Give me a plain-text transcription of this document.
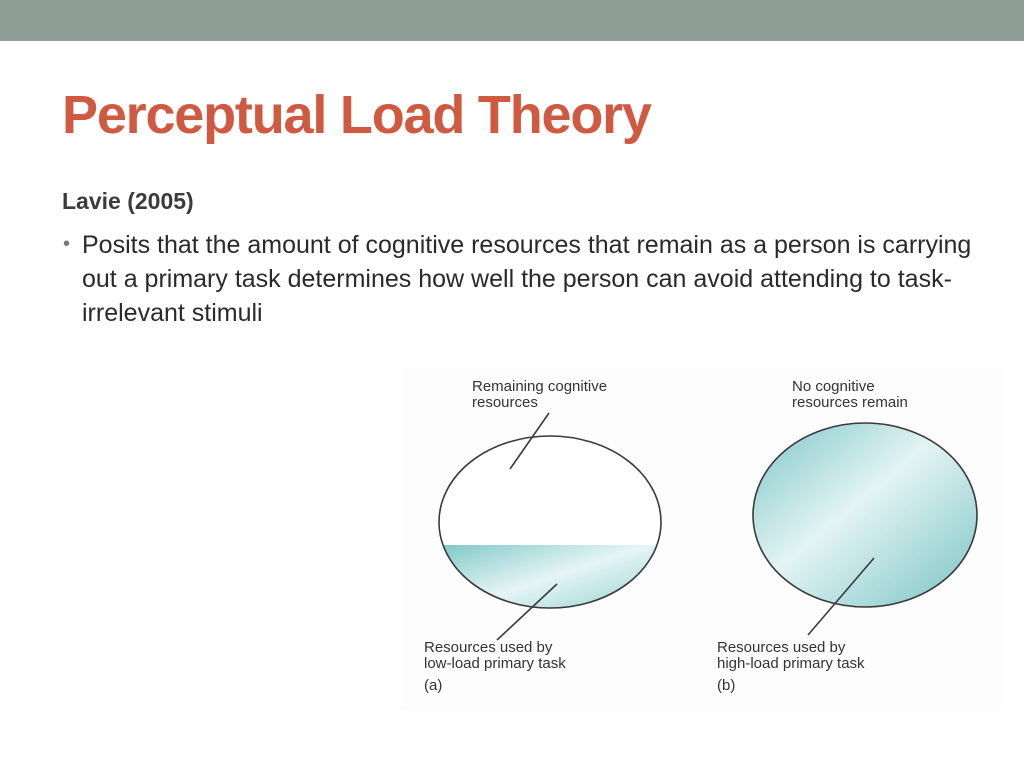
Perceptual Load Theory
Lavie (2005)
• Posits that the amount of cognitive resources that remain as a person is carrying out a primary task determines how well the person can avoid attending to task-irrelevant stimuli
Remaining cognitive
resources
Resources used by
low-load primary task
(a)
No cognitive
resources remain
Resources used by
high-load primary task
(b)
